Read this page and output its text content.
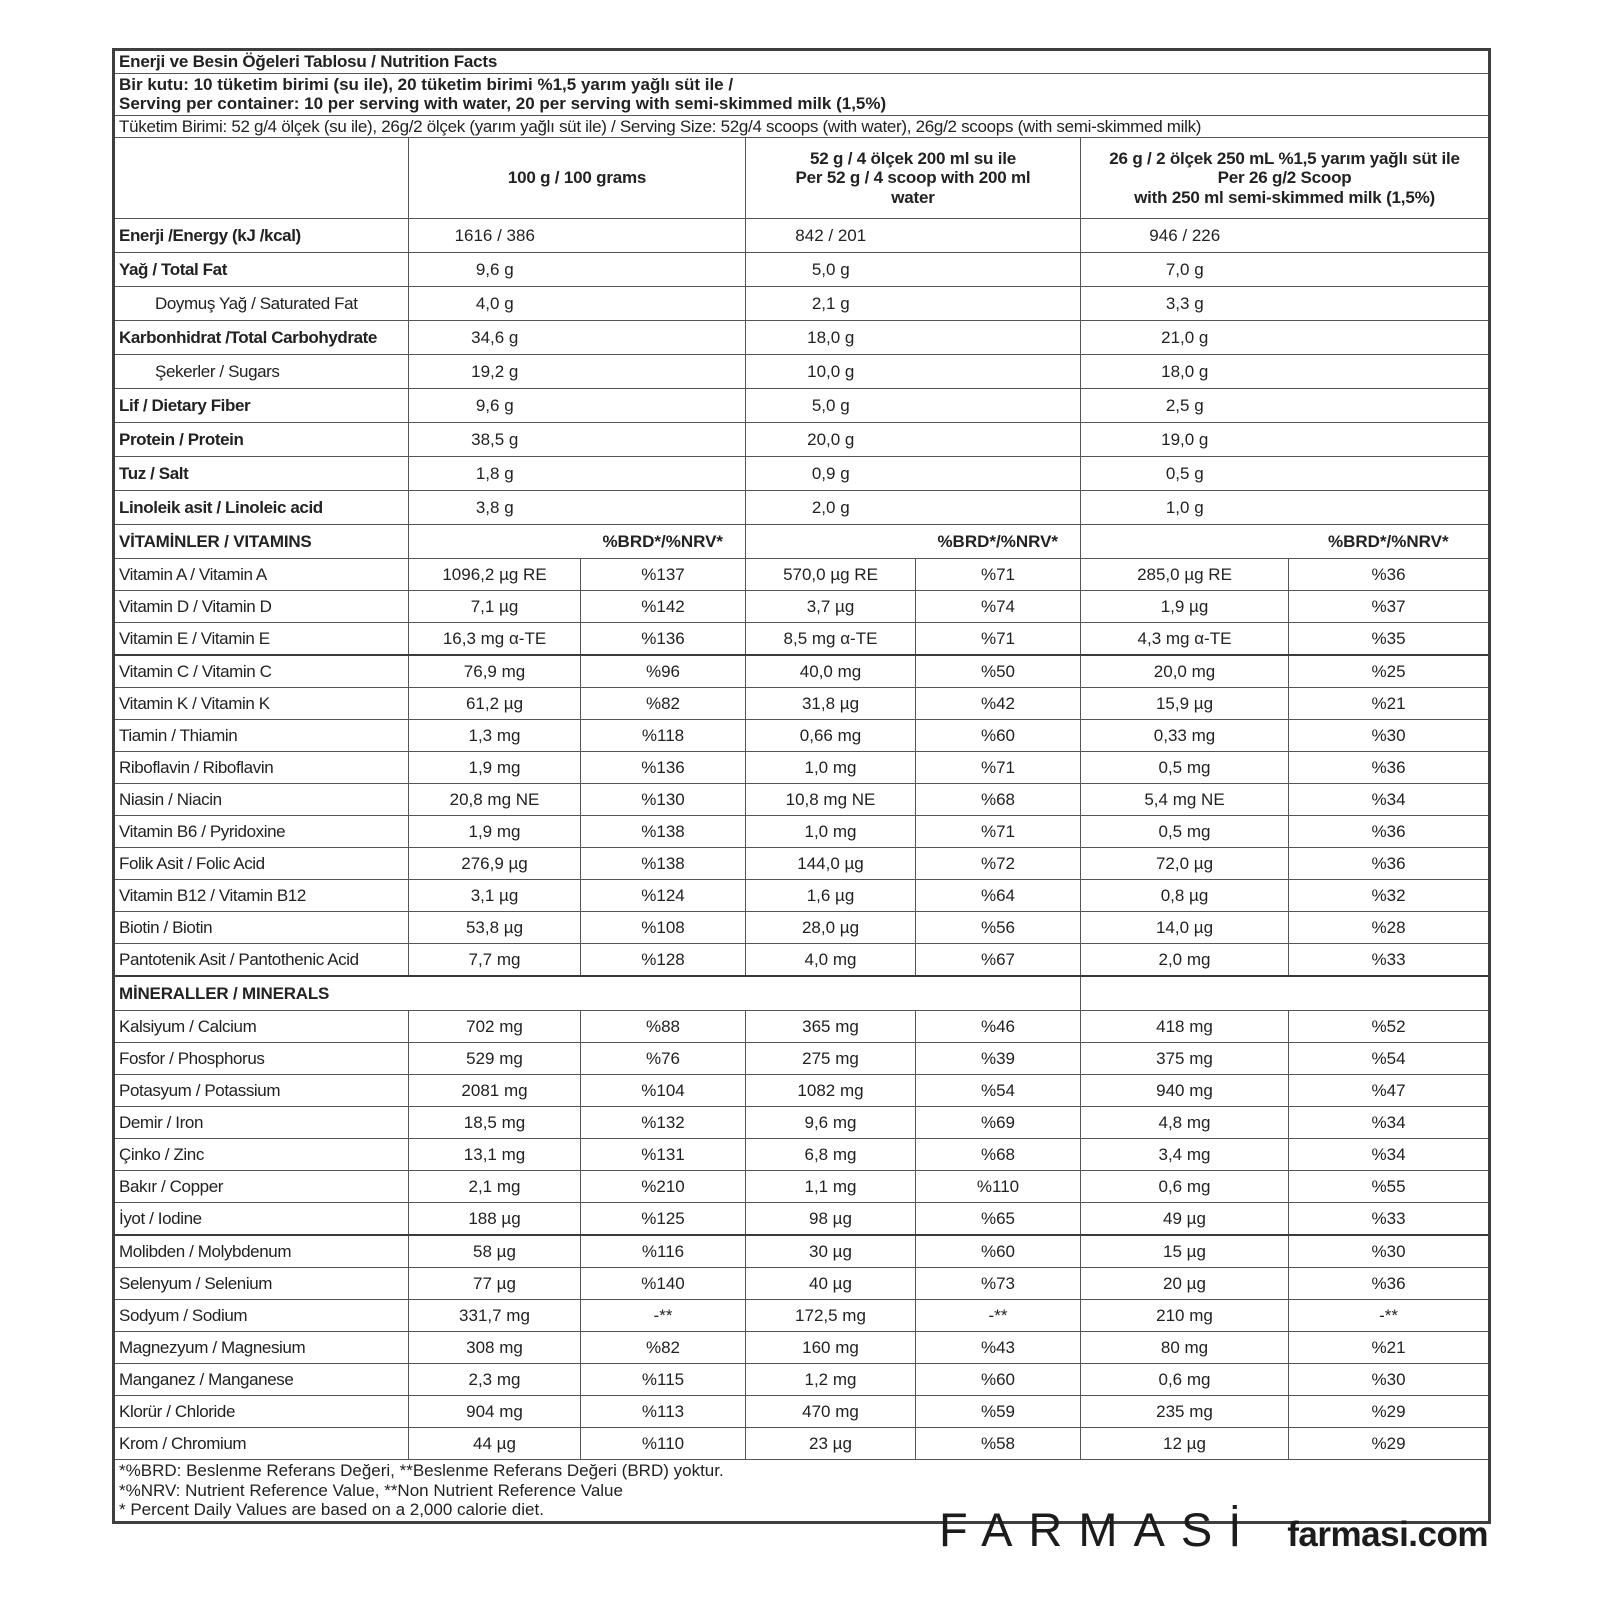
Enerji ve Besin Öğeleri Tablosu / Nutrition Facts						

Bir kutu: 10 tüketim birimi (su ile), 20 tüketim birimi %1,5 yarım yağlı süt ile /
Serving per container: 10 per serving with water, 20 per serving with semi-skimmed milk (1,5%)						

Tüketim Birimi: 52 g/4 ölçek (su ile), 26g/2 ölçek (yarım yağlı süt ile) / Serving Size: 52g/4 scoops (with water), 26g/2 scoops (with semi-skimmed milk)						

	100 g / 100 grams		52 g / 4 ölçek 200 ml su ile
Per 52 g / 4 scoop with 200 ml
water		26 g / 2 ölçek 250 mL %1,5 yarım yağlı süt ile
Per 26 g/2 Scoop
with 250 ml semi-skimmed milk (1,5%)	

Enerji /Energy (kJ /kcal)	1616 / 386		842 / 201		946 / 226	
Yağ / Total Fat	9,6 g		5,0 g		7,0 g	
Doymuş Yağ / Saturated Fat	4,0 g		2,1 g		3,3 g	
Karbonhidrat /Total Carbohydrate	34,6 g		18,0 g		21,0 g	
Şekerler / Sugars	19,2 g		10,0 g		18,0 g	
Lif / Dietary Fiber	9,6 g		5,0 g		2,5 g	
Protein / Protein	38,5 g		20,0 g		19,0 g	
Tuz / Salt	1,8 g		0,9 g		0,5 g	
Linoleik asit / Linoleic acid	3,8 g		2,0 g		1,0 g	
VİTAMİNLER / VITAMINS		%BRD*/%NRV*		%BRD*/%NRV*		%BRD*/%NRV*
Vitamin A / Vitamin A	1096,2 µg RE	%137	570,0 µg RE	%71	285,0 µg RE	%36
Vitamin D / Vitamin D	7,1 µg	%142	3,7 µg	%74	1,9 µg	%37
Vitamin E / Vitamin E	16,3 mg α-TE	%136	8,5 mg α-TE	%71	4,3 mg α-TE	%35
Vitamin C / Vitamin C	76,9 mg	%96	40,0 mg	%50	20,0 mg	%25
Vitamin K / Vitamin K	61,2 µg	%82	31,8 µg	%42	15,9 µg	%21
Tiamin / Thiamin	1,3 mg	%118	0,66 mg	%60	0,33 mg	%30
Riboflavin / Riboflavin	1,9 mg	%136	1,0 mg	%71	0,5 mg	%36
Niasin / Niacin	20,8 mg NE	%130	10,8 mg NE	%68	5,4 mg NE	%34
Vitamin B6 / Pyridoxine	1,9 mg	%138	1,0 mg	%71	0,5 mg	%36
Folik Asit / Folic Acid	276,9 µg	%138	144,0 µg	%72	72,0 µg	%36
Vitamin B12 / Vitamin B12	3,1 µg	%124	1,6 µg	%64	0,8 µg	%32
Biotin / Biotin	53,8 µg	%108	28,0 µg	%56	14,0 µg	%28
Pantotenik Asit / Pantothenic Acid	7,7 mg	%128	4,0 mg	%67	2,0 mg	%33
MİNERALLER / MINERALS						
Kalsiyum / Calcium	702 mg	%88	365 mg	%46	418 mg	%52
Fosfor / Phosphorus	529 mg	%76	275 mg	%39	375 mg	%54
Potasyum / Potassium	2081 mg	%104	1082 mg	%54	940 mg	%47
Demir / Iron	18,5 mg	%132	9,6 mg	%69	4,8 mg	%34
Çinko / Zinc	13,1 mg	%131	6,8 mg	%68	3,4 mg	%34
Bakır / Copper	2,1 mg	%210	1,1 mg	%110	0,6 mg	%55
İyot / Iodine	188 µg	%125	98 µg	%65	49 µg	%33
Molibden / Molybdenum	58 µg	%116	30 µg	%60	15 µg	%30
Selenyum / Selenium	77 µg	%140	40 µg	%73	20 µg	%36
Sodyum / Sodium	331,7 mg	-**	172,5 mg	-**	210 mg	-**
Magnezyum / Magnesium	308 mg	%82	160 mg	%43	80 mg	%21
Manganez / Manganese	2,3 mg	%115	1,2 mg	%60	0,6 mg	%30
Klorür / Chloride	904 mg	%113	470 mg	%59	235 mg	%29
Krom / Chromium	44 µg	%110	23 µg	%58	12 µg	%29

*%BRD: Beslenme Referans Değeri, **Beslenme Referans Değeri (BRD) yoktur.
*%NRV: Nutrient Reference Value, **Non Nutrient Reference Value
* Percent Daily Values are based on a 2,000 calorie diet.							FARMASİ farmasi.com
